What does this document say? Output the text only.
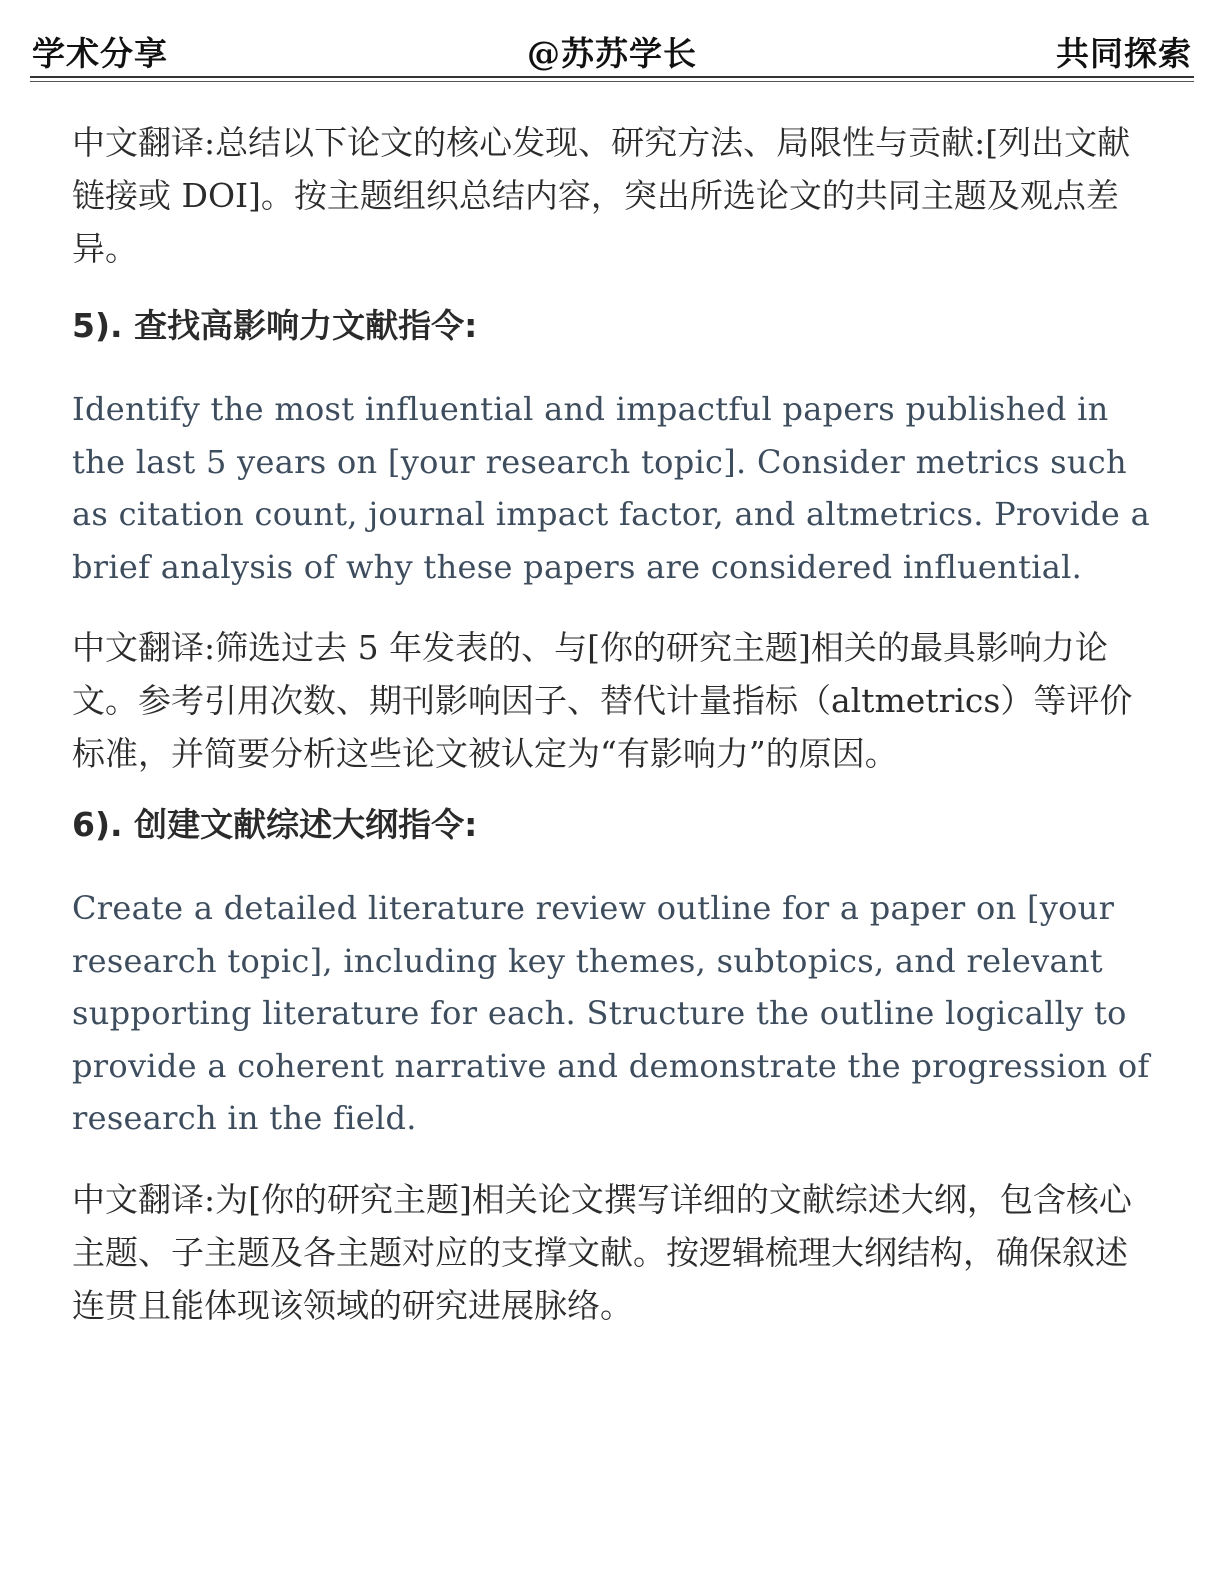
学术分享	@苏苏学长	共同探索

中文翻译:总结以下论文的核心发现、研究方法、局限性与贡献:[列出文献链接或 DOI]。按主题组织总结内容，突出所选论文的共同主题及观点差异。

5). 查找高影响力文献指令:

Identify the most influential and impactful papers published in the last 5 years on [your research topic]. Consider metrics such as citation count, journal impact factor, and altmetrics. Provide a brief analysis of why these papers are considered influential.

中文翻译:筛选过去 5 年发表的、与[你的研究主题]相关的最具影响力论文。参考引用次数、期刊影响因子、替代计量指标（altmetrics）等评价标准，并简要分析这些论文被认定为“有影响力”的原因。

6). 创建文献综述大纲指令:

Create a detailed literature review outline for a paper on [your research topic], including key themes, subtopics, and relevant supporting literature for each. Structure the outline logically to provide a coherent narrative and demonstrate the progression of research in the field.

中文翻译:为[你的研究主题]相关论文撰写详细的文献综述大纲，包含核心主题、子主题及各主题对应的支撑文献。按逻辑梳理大纲结构，确保叙述连贯且能体现该领域的研究进展脉络。
